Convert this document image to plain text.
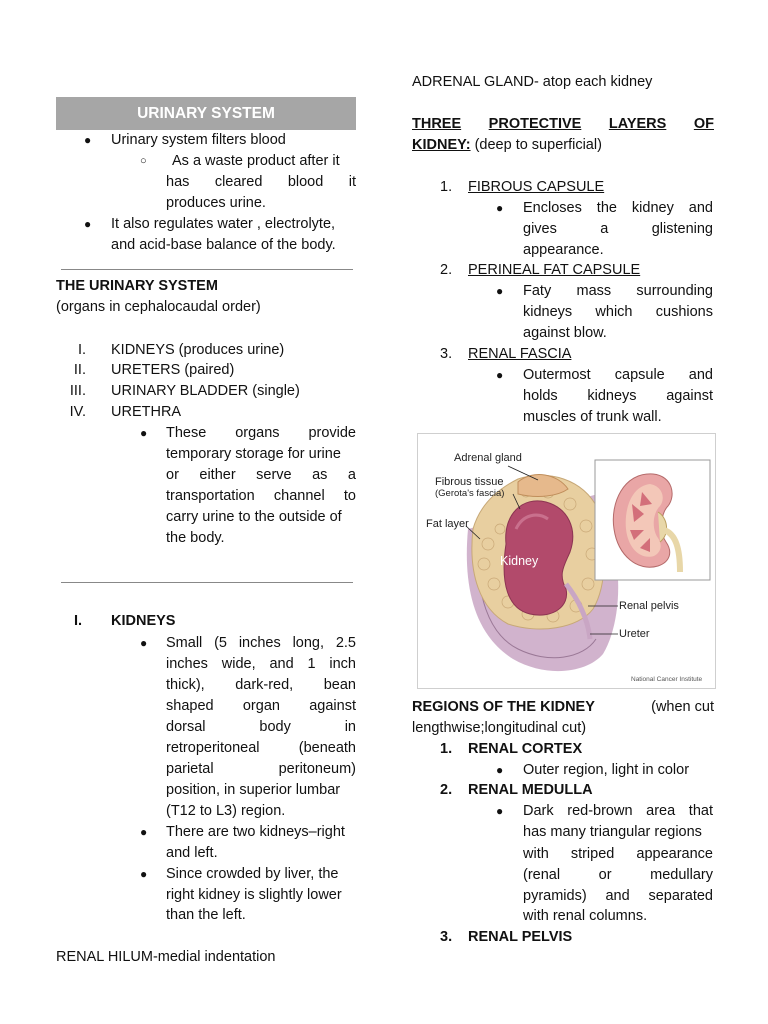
URINARY SYSTEM
● Urinary system filters blood
○ As a waste product after it
has cleared blood it
produces urine.
● It also regulates water , electrolyte,
and acid-base balance of the body.
THE URINARY SYSTEM
(organs in cephalocaudal order)
I. KIDNEYS (produces urine)
II. URETERS (paired)
III. URINARY BLADDER (single)
IV. URETHRA
● These organs provide
temporary storage for urine
or either serve as a
transportation channel to
carry urine to the outside of
the body.
I. KIDNEYS
● Small (5 inches long, 2.5
inches wide, and 1 inch
thick), dark-red, bean
shaped organ against
dorsal body in
retroperitoneal (beneath
parietal peritoneum)
position, in superior lumbar
(T12 to L3) region.
● There are two kidneys–right
and left.
● Since crowded by liver, the
right kidney is slightly lower
than the left.
RENAL HILUM-medial indentation
ADRENAL GLAND- atop each kidney
THREE PROTECTIVE LAYERS OF
KIDNEY: (deep to superficial)
1. FIBROUS CAPSULE
● Encloses the kidney and
gives a glistening
appearance.
2. PERINEAL FAT CAPSULE
● Faty mass surrounding
kidneys which cushions
against blow.
3. RENAL FASCIA
● Outermost capsule and
holds kidneys against
muscles of trunk wall.
Adrenal gland
Fibrous tissue
(Gerota's fascia)
Fat layer
Kidney
Renal pelvis
Ureter
National Cancer Institute
REGIONS OF THE KIDNEY	(when cut
lengthwise;longitudinal cut)
1. RENAL CORTEX
● Outer region, light in color
2. RENAL MEDULLA
● Dark red-brown area that
has many triangular regions
with striped appearance
(renal or medullary
pyramids) and separated
with renal columns.
3. RENAL PELVIS
